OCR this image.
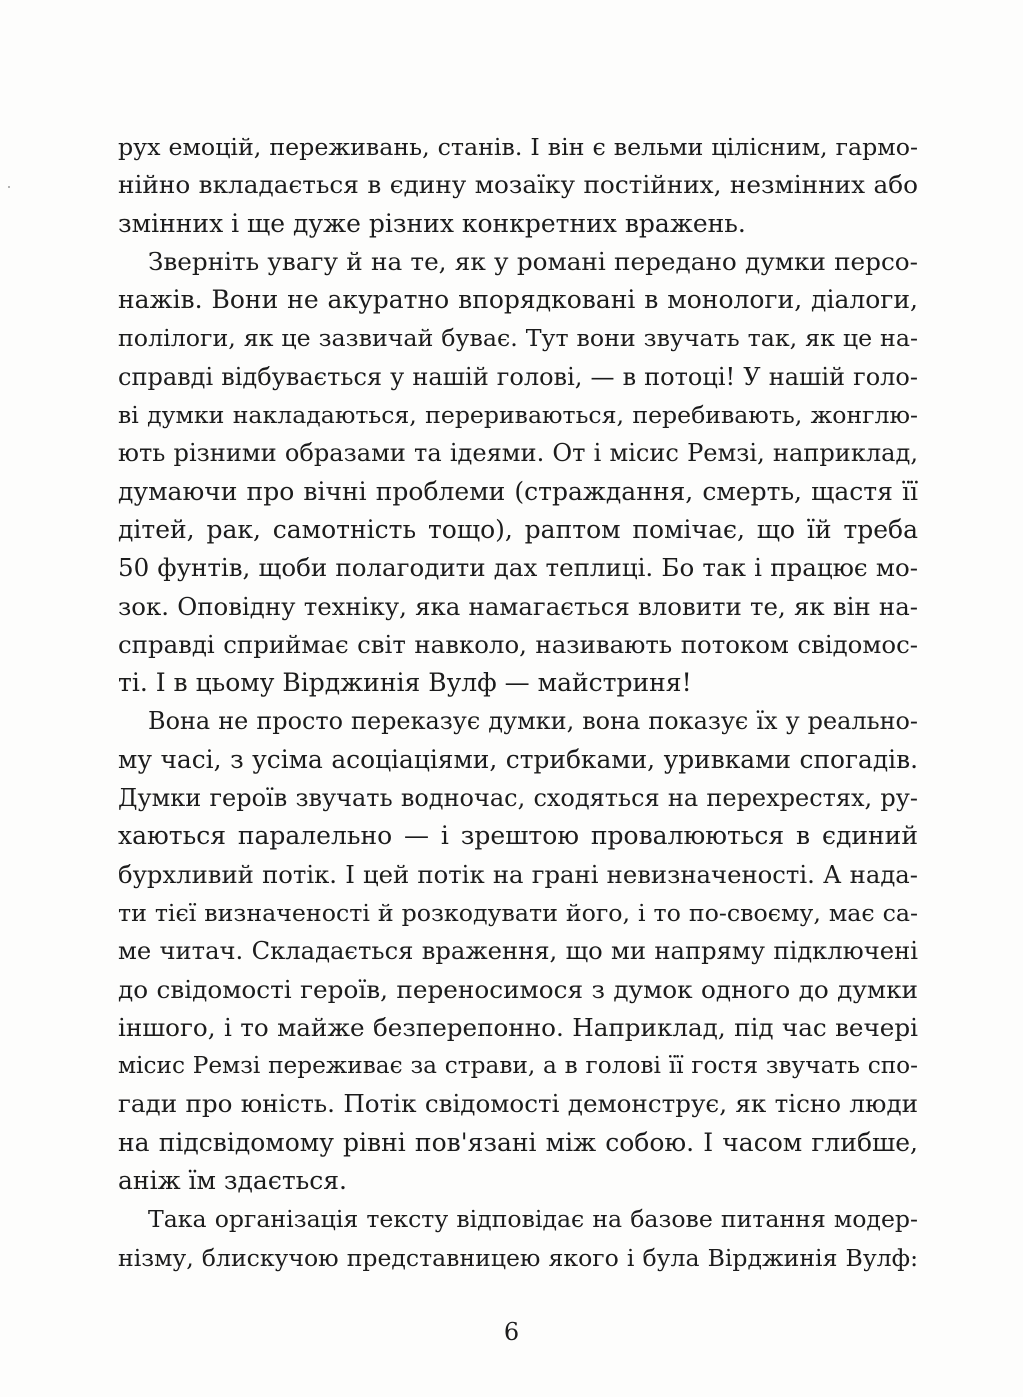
рух емоцій, переживань, станів. І він є вельми цілісним, гармо-
нійно вкладається в єдину мозаїку постійних, незмінних або
змінних і ще дуже різних конкретних вражень.
Зверніть увагу й на те, як у романі передано думки персо-
нажів. Вони не акуратно впорядковані в монологи, діалоги,
полілоги, як це зазвичай буває. Тут вони звучать так, як це на-
справді відбувається у нашій голові, — в потоці! У нашій голо-
ві думки накладаються, перериваються, перебивають, жонглю-
ють різними образами та ідеями. От і місис Ремзі, наприклад,
думаючи про вічні проблеми (страждання, смерть, щастя її
дітей, рак, самотність тощо), раптом помічає, що їй треба
50 фунтів, щоби полагодити дах теплиці. Бо так і працює мо-
зок. Оповідну техніку, яка намагається вловити те, як він на-
справді сприймає світ навколо, називають потоком свідомос-
ті. І в цьому Вірджинія Вулф — майстриня!
Вона не просто переказує думки, вона показує їх у реально-
му часі, з усіма асоціаціями, стрибками, уривками спогадів.
Думки героїв звучать водночас, сходяться на перехрестях, ру-
хаються паралельно — і зрештою провалюються в єдиний
бурхливий потік. І цей потік на грані невизначеності. А нада-
ти тієї визначеності й розкодувати його, і то по-своєму, має са-
ме читач. Складається враження, що ми напряму підключені
до свідомості героїв, переносимося з думок одного до думки
іншого, і то майже безперепонно. Наприклад, під час вечері
місис Ремзі переживає за страви, а в голові її гостя звучать спо-
гади про юність. Потік свідомості демонструє, як тісно люди
на підсвідомому рівні пов'язані між собою. І часом глибше,
аніж їм здається.
Така організація тексту відповідає на базове питання модер-
нізму, блискучою представницею якого і була Вірджинія Вулф:
6
